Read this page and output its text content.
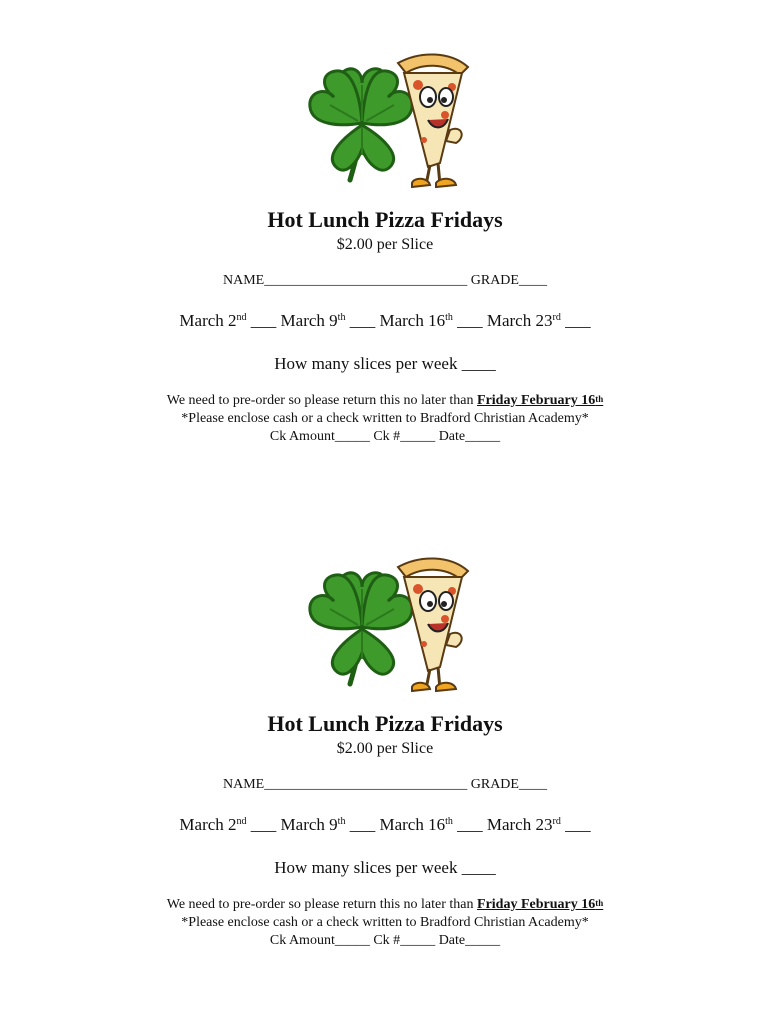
Hot Lunch Pizza Fridays
$2.00 per Slice
NAME_____________________________ GRADE____
March 2nd ___ March 9th ___ March 16th ___ March 23rd ___
How many slices per week ____
We need to pre-order so please return this no later than Friday February 16th
*Please enclose cash or a check written to Bradford Christian Academy*
Ck Amount_____ Ck #_____ Date_____
Hot Lunch Pizza Fridays
$2.00 per Slice
NAME_____________________________ GRADE____
March 2nd ___ March 9th ___ March 16th ___ March 23rd ___
How many slices per week ____
We need to pre-order so please return this no later than Friday February 16th
*Please enclose cash or a check written to Bradford Christian Academy*
Ck Amount_____ Ck #_____ Date_____
